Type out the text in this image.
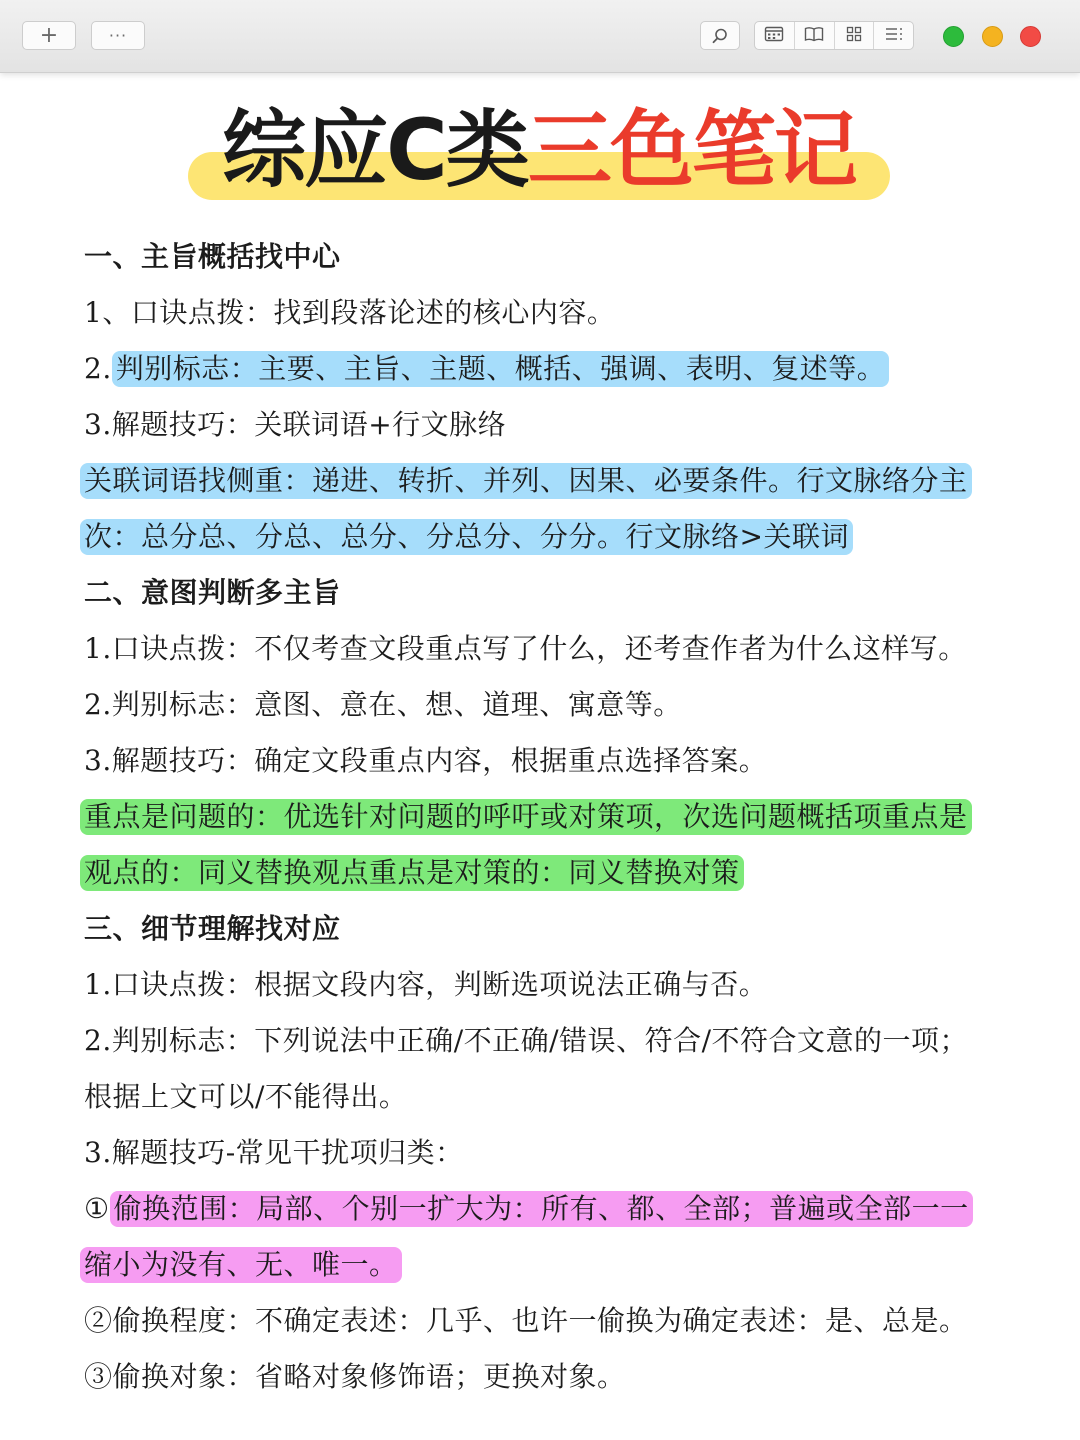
+	···
综应C类三色笔记
一、主旨概括找中心
1、口诀点拨：找到段落论述的核心内容。
2. 判别标志：主要、主旨、主题、概括、强调、表明、复述等。
3.解题技巧：关联词语+行文脉络
关联词语找侧重：递进、转折、并列、因果、必要条件。行文脉络分主
次：总分总、分总、总分、分总分、分分。行文脉络>关联词
二、意图判断多主旨
1.口诀点拨：不仅考查文段重点写了什么，还考查作者为什么这样写。
2.判别标志：意图、意在、想、道理、寓意等。
3.解题技巧：确定文段重点内容，根据重点选择答案。
重点是问题的：优选针对问题的呼吁或对策项，次选问题概括项重点是
观点的：同义替换观点重点是对策的：同义替换对策
三、细节理解找对应
1.口诀点拨：根据文段内容，判断选项说法正确与否。
2.判别标志：下列说法中正确/不正确/错误、符合/不符合文意的一项；
根据上文可以/不能得出。
3.解题技巧-常见干扰项归类：
① 偷换范围：局部、个别一扩大为：所有、都、全部；普遍或全部一一
缩小为没有、无、唯一。
②偷换程度：不确定表述：几乎、也许一偷换为确定表述：是、总是。
③偷换对象：省略对象修饰语；更换对象。
